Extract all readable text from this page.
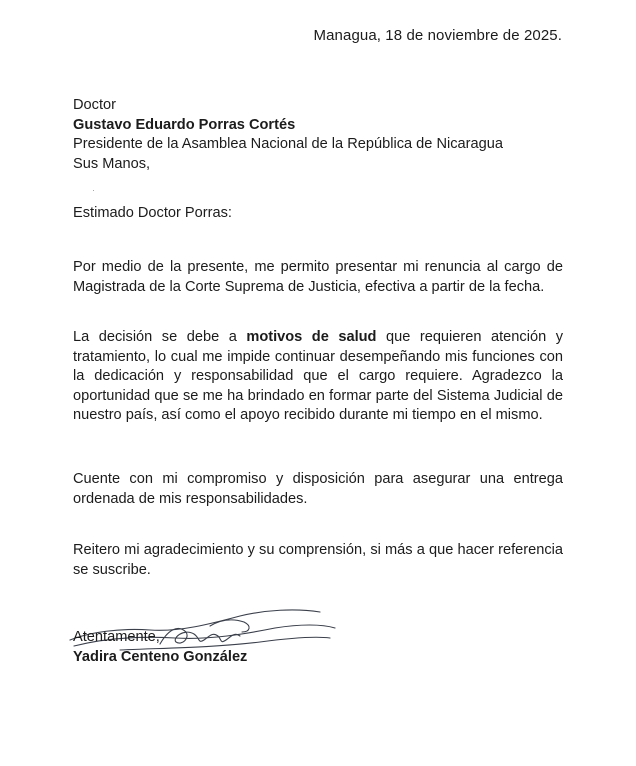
Managua, 18 de noviembre de 2025.
Doctor
Gustavo Eduardo Porras Cortés
Presidente de la Asamblea Nacional de la República de Nicaragua
Sus Manos,
·
Estimado Doctor Porras:
Por medio de la presente, me permito presentar mi renuncia al cargo de Magistrada de la Corte Suprema de Justicia, efectiva a partir de la fecha.
La decisión se debe a motivos de salud que requieren atención y tratamiento, lo cual me impide continuar desempeñando mis funciones con la dedicación y responsabilidad que el cargo requiere. Agradezco la oportunidad que se me ha brindado en formar parte del Sistema Judicial de nuestro país, así como el apoyo recibido durante mi tiempo en el mismo.
Cuente con mi compromiso y disposición para asegurar una entrega ordenada de mis responsabilidades.
Reitero mi agradecimiento y su comprensión, si más a que hacer referencia se suscribe.
Atentamente,
Yadira Centeno González
